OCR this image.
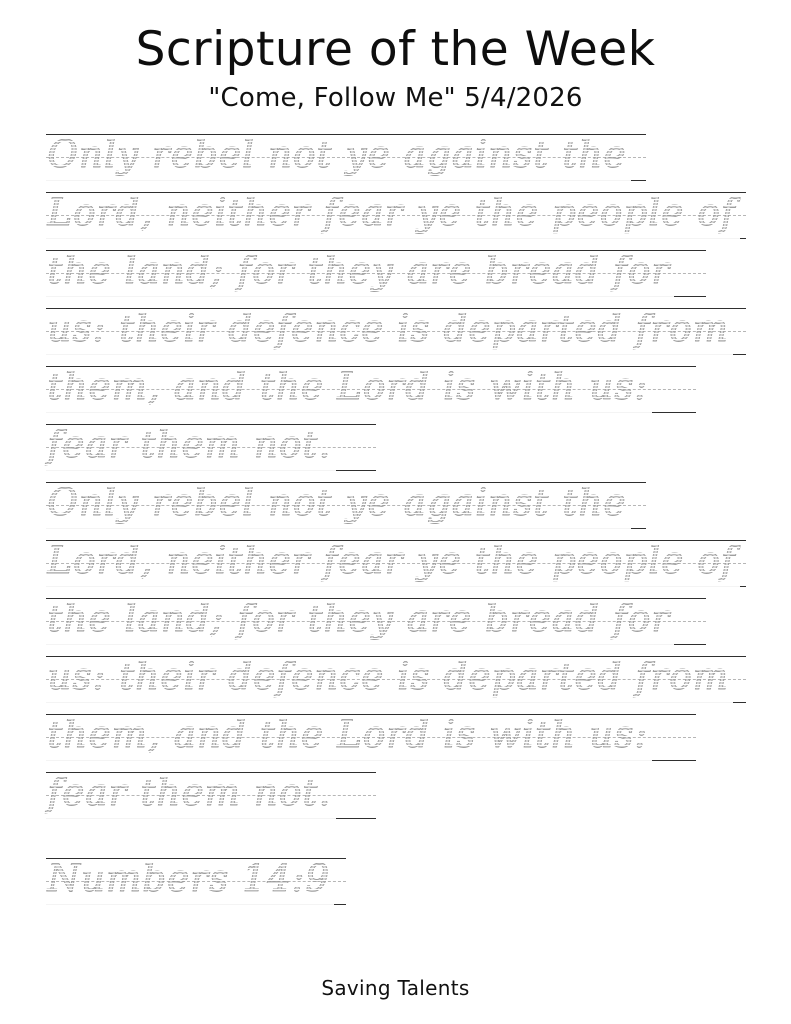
Scripture of the Week
"Come, Follow Me" 5/4/2026
Only rebel not ye against the
Lord, neither fear ye the people of
the land; for they are bread for
us: their defence is departed from
them, and the Lord is with us:
fear them not.
Only rebel not ye against the
Lord, neither fear ye the people of
the land; for they are bread for
us: their defence is departed from
them, and the Lord is with us:
fear them not.
Numbers 14:9
Saving Talents
